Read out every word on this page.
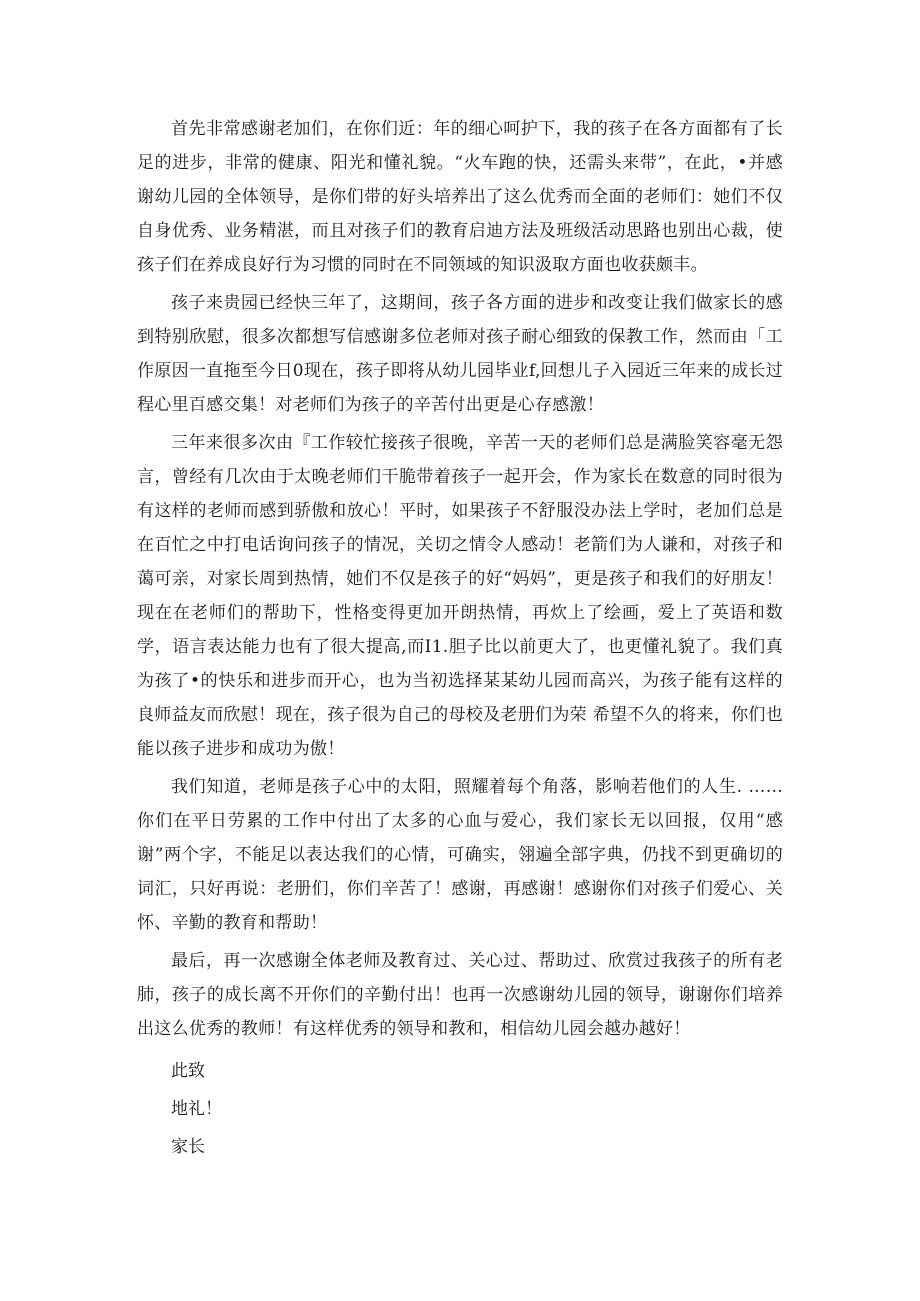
首先非常感谢老加们，在你们近：年的细心呵护下，我的孩子在各方面都有了长足的进步，非常的健康、阳光和懂礼貌。“火车跑的快，还需头来带”，在此，•并感谢幼儿园的全体领导，是你们带的好头培养出了这么优秀而全面的老师们：她们不仅自身优秀、业务精湛，而且对孩子们的教育启迪方法及班级活动思路也别出心裁，使孩子们在养成良好行为习惯的同时在不同领域的知识汲取方面也收获颇丰。

孩子来贵园已经快三年了，这期间，孩子各方面的进步和改变让我们做家长的感到特别欣慰，很多次都想写信感谢多位老师对孩子耐心细致的保教工作，然而由「工作原因一直拖至今日0现在，孩子即将从幼儿园毕业f,回想儿子入园近三年来的成长过程心里百感交集！对老师们为孩子的辛苦付出更是心存感激！

三年来很多次由『工作较忙接孩子很晚，辛苦一天的老师们总是满脸笑容毫无怨言，曾经有几次由于太晚老师们干脆带着孩子一起开会，作为家长在数意的同时很为有这样的老师而感到骄傲和放心！平时，如果孩子不舒服没办法上学时，老加们总是在百忙之中打电话询问孩子的情况，关切之情令人感动！老箭们为人谦和，对孩子和蔼可亲，对家长周到热情，她们不仅是孩子的好“妈妈”，更是孩子和我们的好朋友！现在在老师们的帮助下，性格变得更加开朗热情，再炊上了绘画，爱上了英语和数学，语言表达能力也有了很大提高,而I1.胆子比以前更大了，也更懂礼貌了。我们真为孩了•的快乐和进步而开心，也为当初选择某某幼儿园而高兴，为孩子能有这样的良师益友而欣慰！现在，孩子很为自己的母校及老册们为荣 希望不久的将来，你们也能以孩子进步和成功为傲！

我们知道，老师是孩子心中的太阳，照耀着每个角落，影响若他们的人生. ……你们在平日劳累的工作中付出了太多的心血与爱心，我们家长无以回报，仅用“感谢”两个字，不能足以表达我们的心情，可确实，翎遍全部字典，仍找不到更确切的词汇，只好再说：老册们，你们辛苦了！感谢，再感谢！感谢你们对孩子们爱心、关怀、辛勤的教育和帮助！

最后，再一次感谢全体老师及教育过、关心过、帮助过、欣赏过我孩子的所有老肺，孩子的成长离不开你们的辛勤付出！也再一次感谢幼儿园的领导，谢谢你们培养出这么优秀的教师！有这样优秀的领导和教和，相信幼儿园会越办越好！

此致
地礼！
家长
